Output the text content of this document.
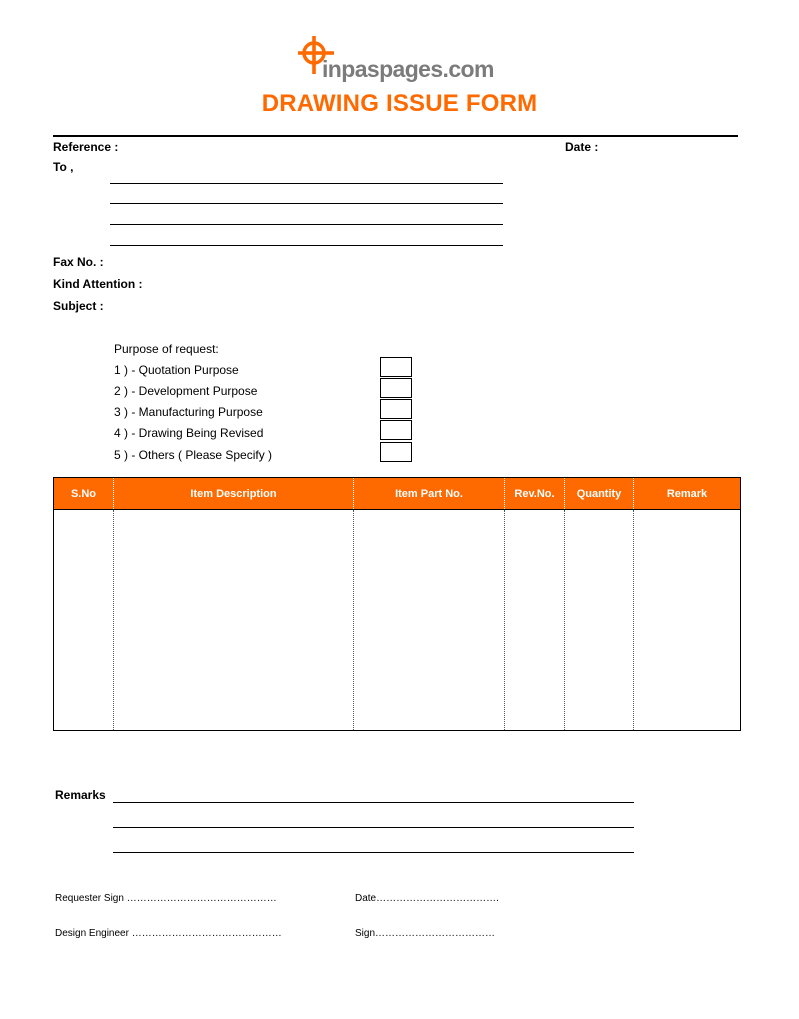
inpaspages.com
DRAWING ISSUE FORM
Reference :	Date :
To ,
Fax No. :
Kind Attention :
Subject :
Purpose of request:
1 ) - Quotation Purpose
2 ) - Development Purpose
3 ) - Manufacturing Purpose
4 ) - Drawing Being Revised
5 ) - Others ( Please Specify )
S.No	Item Description	Item Part No.	Rev.No.	Quantity	Remark

Remarks
Requester Sign ………………………………………	Date……………………………….
Design Engineer ………………………………………	Sign………………………………
